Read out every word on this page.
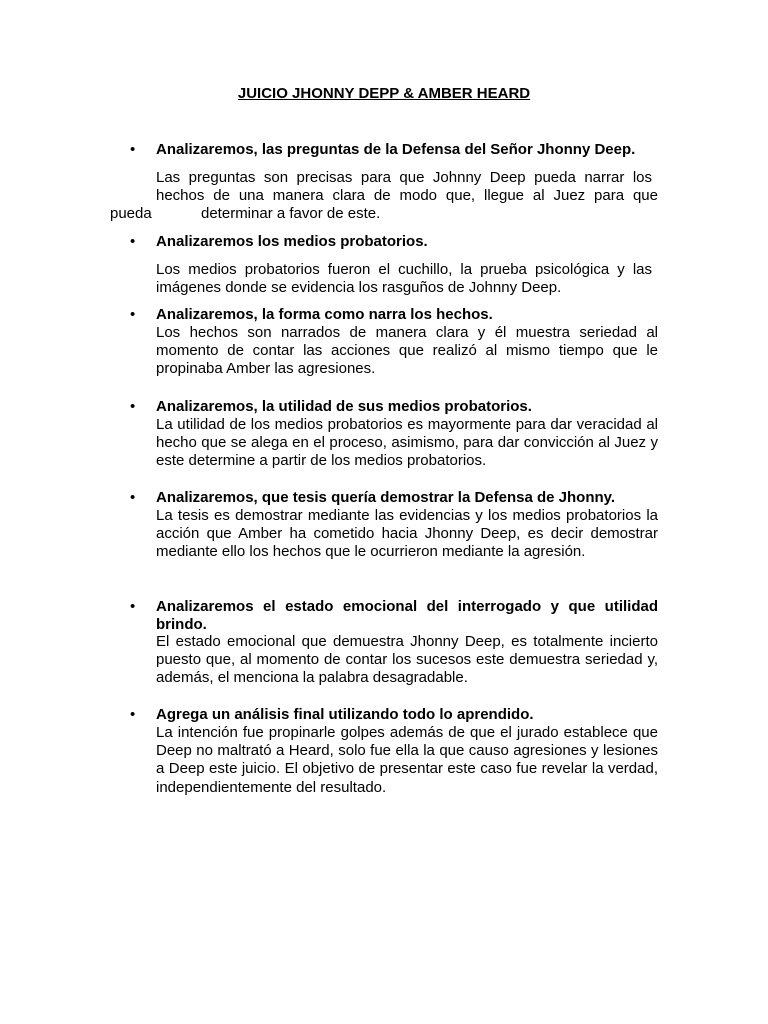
JUICIO JHONNY DEPP & AMBER HEARD
• Analizaremos, las preguntas de la Defensa del Señor Jhonny Deep.
Las preguntas son precisas para que Johnny Deep pueda narrar los
hechos de una manera clara de modo que, llegue al Juez para que
pueda	determinar a favor de este.
• Analizaremos los medios probatorios.
Los medios probatorios fueron el cuchillo, la prueba psicológica y las imágenes donde se evidencia los rasguños de Johnny Deep.
• Analizaremos, la forma como narra los hechos.
Los hechos son narrados de manera clara y él muestra seriedad al momento de contar las acciones que realizó al mismo tiempo que le propinaba Amber las agresiones.
• Analizaremos, la utilidad de sus medios probatorios.
La utilidad de los medios probatorios es mayormente para dar veracidad al hecho que se alega en el proceso, asimismo, para dar convicción al Juez y este determine a partir de los medios probatorios.
• Analizaremos, que tesis quería demostrar la Defensa de Jhonny.
La tesis es demostrar mediante las evidencias y los medios probatorios la acción que Amber ha cometido hacia Jhonny Deep, es decir demostrar mediante ello los hechos que le ocurrieron mediante la agresión.
• Analizaremos el estado emocional del interrogado y que utilidad brindo.
El estado emocional que demuestra Jhonny Deep, es totalmente incierto puesto que, al momento de contar los sucesos este demuestra seriedad y, además, el menciona la palabra desagradable.
• Agrega un análisis final utilizando todo lo aprendido.
La intención fue propinarle golpes además de que el jurado establece que Deep no maltrató a Heard, solo fue ella la que causo agresiones y lesiones a Deep este juicio. El objetivo de presentar este caso fue revelar la verdad, independientemente del resultado.
